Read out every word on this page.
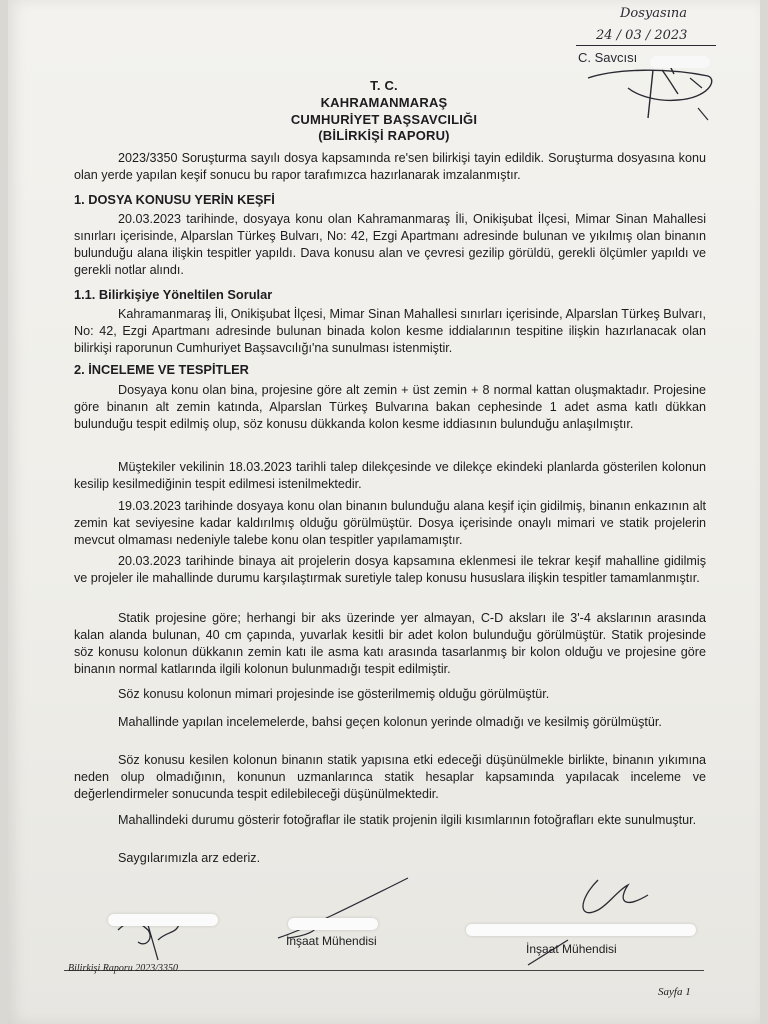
Dosyasına
24 / 03 / 2023
C. Savcısı
T. C.
KAHRAMANMARAŞ
CUMHURİYET BAŞSAVCILIĞI
(BİLİRKİŞİ RAPORU)
2023/3350 Soruşturma sayılı dosya kapsamında re'sen bilirkişi tayin edildik. Soruşturma dosyasına konu olan yerde yapılan keşif sonucu bu rapor tarafımızca hazırlanarak imzalanmıştır.
1. DOSYA KONUSU YERİN KEŞFİ
20.03.2023 tarihinde, dosyaya konu olan Kahramanmaraş İli, Onikişubat İlçesi, Mimar Sinan Mahallesi sınırları içerisinde, Alparslan Türkeş Bulvarı, No: 42, Ezgi Apartmanı adresinde bulunan ve yıkılmış olan binanın bulunduğu alana ilişkin tespitler yapıldı. Dava konusu alan ve çevresi gezilip görüldü, gerekli ölçümler yapıldı ve gerekli notlar alındı.
1.1. Bilirkişiye Yöneltilen Sorular
Kahramanmaraş İli, Onikişubat İlçesi, Mimar Sinan Mahallesi sınırları içerisinde, Alparslan Türkeş Bulvarı, No: 42, Ezgi Apartmanı adresinde bulunan binada kolon kesme iddialarının tespitine ilişkin hazırlanacak olan bilirkişi raporunun Cumhuriyet Başsavcılığı'na sunulması istenmiştir.
2. İNCELEME VE TESPİTLER
Dosyaya konu olan bina, projesine göre alt zemin + üst zemin + 8 normal kattan oluşmaktadır. Projesine göre binanın alt zemin katında, Alparslan Türkeş Bulvarına bakan cephesinde 1 adet asma katlı dükkan bulunduğu tespit edilmiş olup, söz konusu dükkanda kolon kesme iddiasının bulunduğu anlaşılmıştır.
Müştekiler vekilinin 18.03.2023 tarihli talep dilekçesinde ve dilekçe ekindeki planlarda gösterilen kolonun kesilip kesilmediğinin tespit edilmesi istenilmektedir.
19.03.2023 tarihinde dosyaya konu olan binanın bulunduğu alana keşif için gidilmiş, binanın enkazının alt zemin kat seviyesine kadar kaldırılmış olduğu görülmüştür. Dosya içerisinde onaylı mimari ve statik projelerin mevcut olmaması nedeniyle talebe konu olan tespitler yapılamamıştır.
20.03.2023 tarihinde binaya ait projelerin dosya kapsamına eklenmesi ile tekrar keşif mahalline gidilmiş ve projeler ile mahallinde durumu karşılaştırmak suretiyle talep konusu hususlara ilişkin tespitler tamamlanmıştır.
Statik projesine göre; herhangi bir aks üzerinde yer almayan, C-D aksları ile 3'-4 akslarının arasında kalan alanda bulunan, 40 cm çapında, yuvarlak kesitli bir adet kolon bulunduğu görülmüştür. Statik projesinde söz konusu kolonun dükkanın zemin katı ile asma katı arasında tasarlanmış bir kolon olduğu ve projesine göre binanın normal katlarında ilgili kolonun bulunmadığı tespit edilmiştir.
Söz konusu kolonun mimari projesinde ise gösterilmemiş olduğu görülmüştür.
Mahallinde yapılan incelemelerde, bahsi geçen kolonun yerinde olmadığı ve kesilmiş görülmüştür.
Söz konusu kesilen kolonun binanın statik yapısına etki edeceği düşünülmekle birlikte, binanın yıkımına neden olup olmadığının, konunun uzmanlarınca statik hesaplar kapsamında yapılacak inceleme ve değerlendirmeler sonucunda tespit edilebileceği düşünülmektedir.
Mahallindeki durumu gösterir fotoğraflar ile statik projenin ilgili kısımlarının fotoğrafları ekte sunulmuştur.
Saygılarımızla arz ederiz.
İnşaat Mühendisi
İnşaat Mühendisi
Bilirkişi Raporu 2023/3350
Sayfa 1
